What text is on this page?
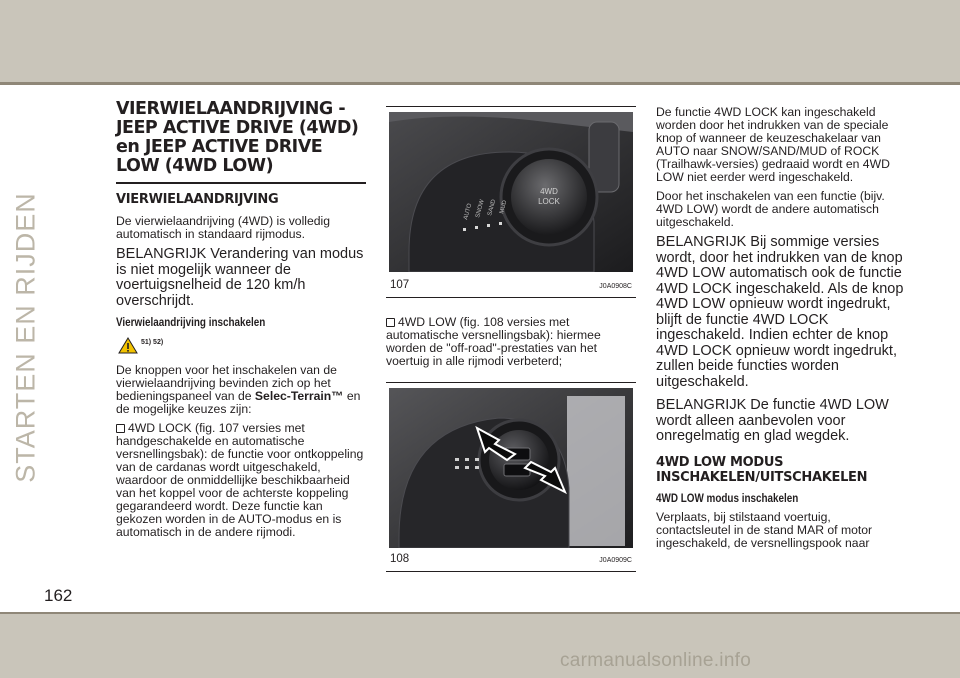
STARTEN EN RIJDEN
VIERWIELAANDRIJVING - JEEP ACTIVE DRIVE (4WD) en JEEP ACTIVE DRIVE LOW (4WD LOW)
VIERWIELAANDRIJVING
De vierwielaandrijving (4WD) is volledig automatisch in standaard rijmodus.
BELANGRIJK Verandering van modus is niet mogelijk wanneer de voertuigsnelheid de 120 km/h overschrijdt.
Vierwielaandrijving inschakelen
51) 52)
De knoppen voor het inschakelen van de vierwielaandrijving bevinden zich op het bedieningspaneel van de Selec-Terrain™ en de mogelijke keuzes zijn:
4WD LOCK (fig. 107 versies met handgeschakelde en automatische versnellingsbak): de functie voor ontkoppeling van de cardanas wordt uitgeschakeld, waardoor de onmiddellijke beschikbaarheid van het koppel voor de achterste koppeling gegarandeerd wordt. Deze functie kan gekozen worden in de AUTO-modus en is automatisch in de andere rijmodi.
4WD
LOCK
AUTO SNOW SAND MUD
107	J0A0908C
4WD LOW (fig. 108 versies met automatische versnellingsbak): hiermee worden de "off-road"-prestaties van het voertuig in alle rijmodi verbeterd;
108	J0A0909C
De functie 4WD LOCK kan ingeschakeld worden door het indrukken van de speciale knop of wanneer de keuzeschakelaar van AUTO naar SNOW/SAND/MUD of ROCK (Trailhawk-versies) gedraaid wordt en 4WD LOW niet eerder werd ingeschakeld.
Door het inschakelen van een functie (bijv. 4WD LOW) wordt de andere automatisch uitgeschakeld.
BELANGRIJK Bij sommige versies wordt, door het indrukken van de knop 4WD LOW automatisch ook de functie 4WD LOCK ingeschakeld. Als de knop 4WD LOW opnieuw wordt ingedrukt, blijft de functie 4WD LOCK ingeschakeld. Indien echter de knop 4WD LOCK opnieuw wordt ingedrukt, zullen beide functies worden uitgeschakeld.
BELANGRIJK De functie 4WD LOW wordt alleen aanbevolen voor onregelmatig en glad wegdek.
4WD LOW MODUS INSCHAKELEN/UITSCHAKELEN
4WD LOW modus inschakelen
Verplaats, bij stilstaand voertuig, contactsleutel in de stand MAR of motor ingeschakeld, de versnellingspook naar
162
carmanualsonline.info
